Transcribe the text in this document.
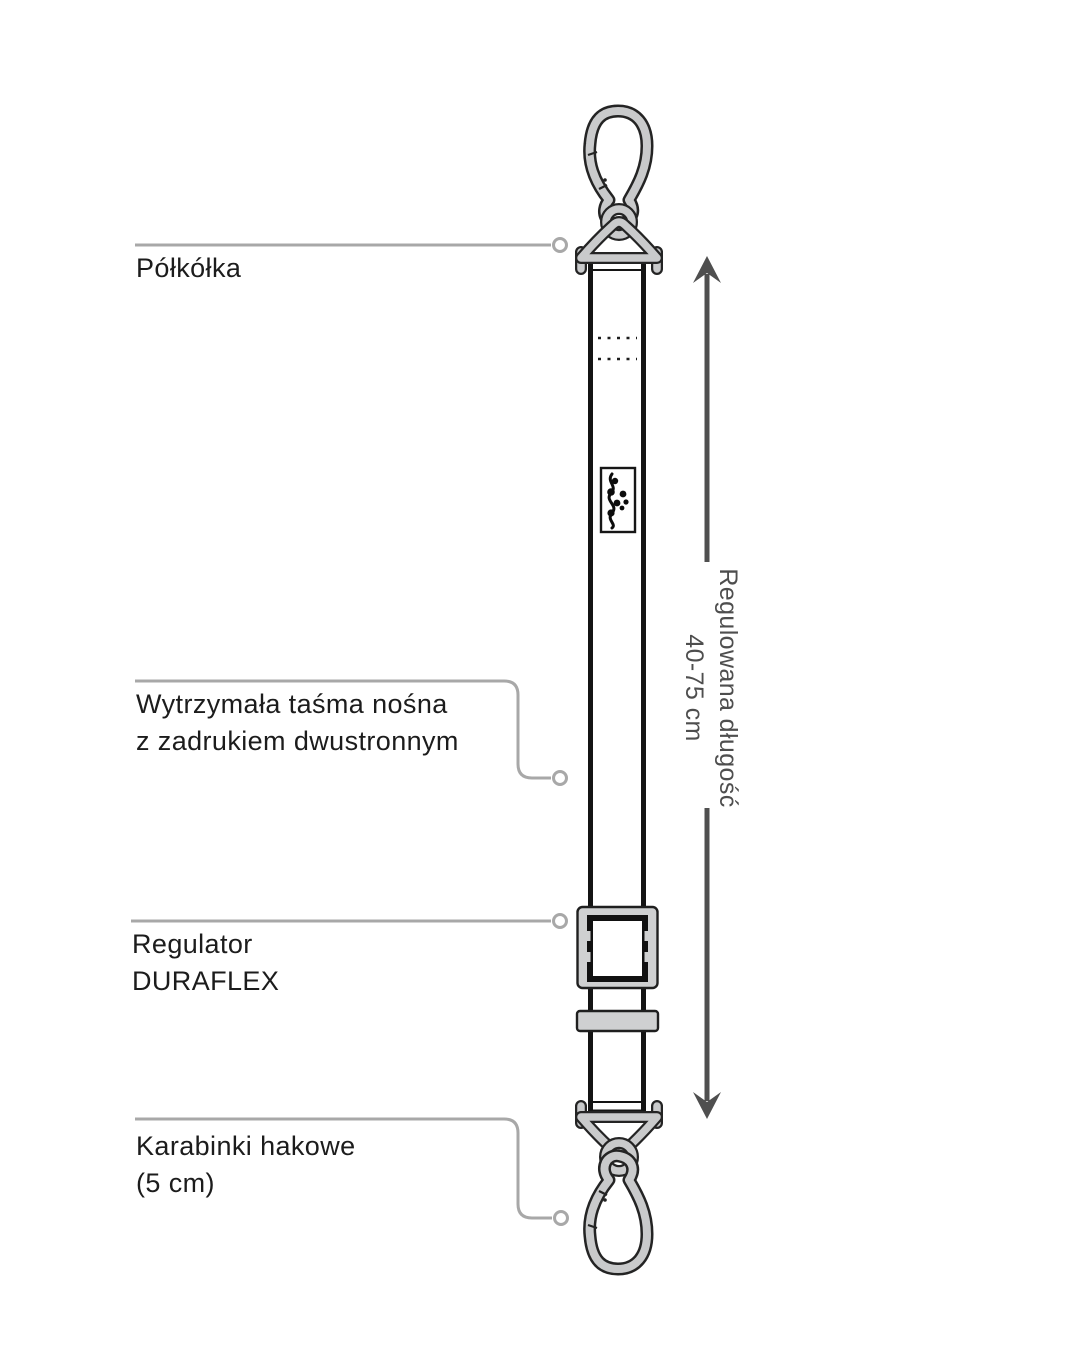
Półkółka
Wytrzymała taśma nośna
z zadrukiem dwustronnym
Regulator
DURAFLEX
Karabinki hakowe
(5 cm)
Regulowana długość
40-75 cm
